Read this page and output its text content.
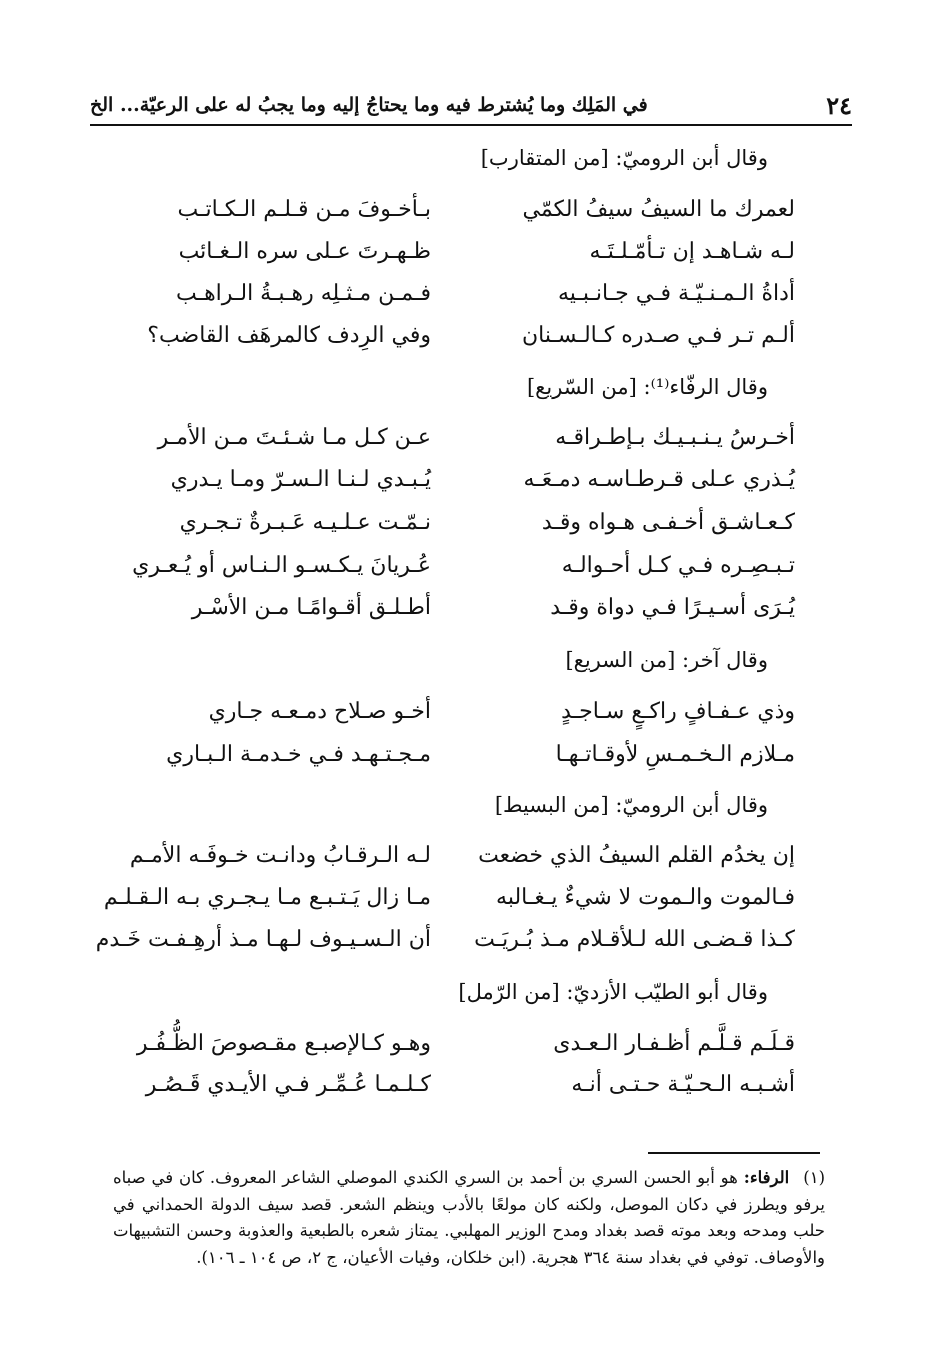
٢٤
في المَلِك وما يُشترط فيه وما يحتاجُ إليه وما يجبُ له على الرعيّة... الخ
وقال أبن الروميّ: [من المتقارب]
لعمرك ما السيفُ سيفُ الكمّي
بـأخـوفَ مـن قـلـم الـكـاتـب
لـه شـاهـد إن تـأمّـلـتَـه
ظـهـرتَ عـلى سره الـغـائب
أداةُ الـمـنـيّـة فـي جـانـبـيه
فـمـن مـثـلِه رهـبـةُ الـراهـب
ألـم تـر فـي صـدره كـالـسـنان
وفي الرِدف كالمرهَف القاضب؟
وقال الرفّاء⁽¹⁾: [من السّريع]
أخـرسُ يـنـبـيـك بـإطـراقـه
عـن كـل مـا شـئـتَ مـن الأمـر
يُـذري عـلى قـرطـاسـه دمـعَـه
يُـبـدي لـنـا الـسـرّ ومـا يـدري
كـعـاشـق أخـفـى هـواه وقـد
نـمّـت عـلـيـه عَـبـرةٌ تـجـري
تـبـصِـره فـي كـل أحـوالـه
عُـريانَ يـكـسـو الـنـاس أو يُـعـري
يُـرَى أسـيـرًا فـي دواة وقـد
أطـلـق أقـوامًـا مـن الأسْـر
وقال آخر: [من السريع]
وذي عـفـافٍ راكـعٍ سـاجـدٍ
أخـو صـلاح دمـعـه جـاري
مـلازم الـخـمـسِ لأوقـاتـهـا
مـجـتـهـد فـي خـدمـة الـبـاري
وقال أبن الروميّ: [من البسيط]
إن يخدُم القلم السيفُ الذي خضعت
لـه الـرقـابُ ودانـت خـوفَـه الأمـم
فـالموت والـموت لا شيءٌ يـغـالبه
مـا زال يَـتـبـع مـا يـجـري بـه الـقـلـم
كـذا قـضـى الله لـلأقـلام مـذ بُـريَـت
أن الـسـيـوف لـهـا مـذ أرهِـفـت خَـدم
وقال أبو الطيّب الأزديّ: [من الرّمل]
قـلَـم قـلَّـم أظـفـار الـعـدى
وهـو كـالإصبـع مقـصوصَ الظُّـفُـر
أشـبـه الـحـيّـة حـتـى أنـه
كـلـمـا عُـمِّـر فـي الأيـدي قَـصُـر
(١)الرفاء: هو أبو الحسن السري بن أحمد بن السري الكندي الموصلي الشاعر المعروف. كان في صباه يرفو ويطرز في دكان الموصل، ولكنه كان مولعًا بالأدب وينظم الشعر. قصد سيف الدولة الحمداني في حلب ومدحه وبعد موته قصد بغداد ومدح الوزير المهلبي. يمتاز شعره بالطبعية والعذوبة وحسن التشبيهات والأوصاف. توفي في بغداد سنة ٣٦٤ هجرية. (ابن خلكان، وفيات الأعيان، ج ٢، ص ١٠٤ ـ ١٠٦).
